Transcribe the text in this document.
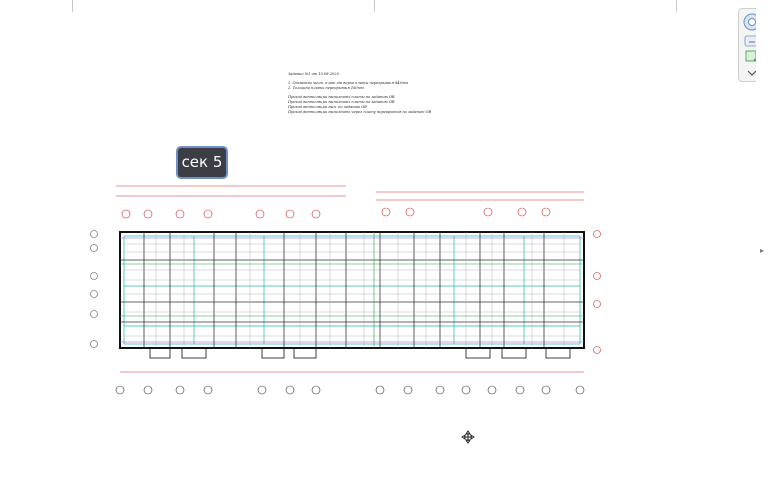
Задание №1 от 10.08.2020
1. Отметка чист. плит от верха плиты перекрытия 840мм
2. Толщина плиты перекрытия 160мм
Проход вентиляции выполнить плиты по заданию ОВ
Проход вентиляции выполнить плиты по заданию ОВ
Проход вентиляции вып. по заданию ОВ
Проход вентиляции выполнить через плиту перекрытия по заданию ОВ
сек 5
▸
